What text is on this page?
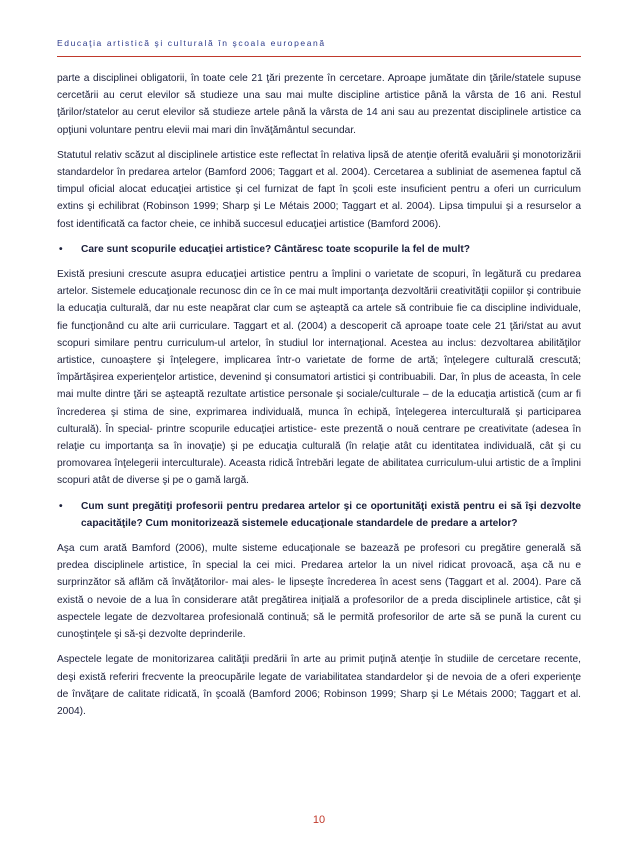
Educaţia artistică şi culturală în şcoala europeană

parte a disciplinei obligatorii, în toate cele 21 ţări prezente în cercetare. Aproape jumătate din ţările/statele supuse cercetării au cerut elevilor să studieze una sau mai multe discipline artistice până la vârsta de 16 ani. Restul ţărilor/statelor au cerut elevilor să studieze artele până la vârsta de 14 ani sau au prezentat disciplinele artistice ca opţiuni voluntare pentru elevii mai mari din învăţământul secundar.

Statutul relativ scăzut al disciplinele artistice este reflectat în relativa lipsă de atenţie oferită evaluării şi monotorizării standardelor în predarea artelor (Bamford 2006; Taggart et al. 2004). Cercetarea a subliniat de asemenea faptul că timpul oficial alocat educaţiei artistice şi cel furnizat de fapt în şcoli este insuficient pentru a oferi un curriculum extins şi echilibrat (Robinson 1999; Sharp şi Le Métais 2000; Taggart et al. 2004). Lipsa timpului şi a resurselor a fost identificată ca factor cheie, ce inhibă succesul educaţiei artistice (Bamford 2006).

•	Care sunt scopurile educaţiei artistice? Cântăresc toate scopurile la fel de mult?

Există presiuni crescute asupra educaţiei artistice pentru a împlini o varietate de scopuri, în legătură cu predarea artelor. Sistemele educaţionale recunosc din ce în ce mai mult importanţa dezvoltării creativităţii copiilor şi contribuie la educaţia culturală, dar nu este neapărat clar cum se aşteaptă ca artele să contribuie fie ca discipline individuale, fie funcţionând cu alte arii curriculare. Taggart et al. (2004) a descoperit că aproape toate cele 21 ţări/stat au avut scopuri similare pentru curriculum-ul artelor, în studiul lor internaţional. Acestea au inclus: dezvoltarea abilităţilor artistice, cunoaştere şi înţelegere, implicarea într-o varietate de forme de artă; înţelegere culturală crescută; împărtăşirea experienţelor artistice, devenind şi consumatori artistici şi contribuabili. Dar, în plus de aceasta, în cele mai multe dintre ţări se aşteaptă rezultate artistice personale şi sociale/culturale – de la educaţia artistică (cum ar fi încrederea şi stima de sine, exprimarea individuală, munca în echipă, înţelegerea interculturală şi participarea culturală). În special- printre scopurile educaţiei artistice- este prezentă o nouă centrare pe creativitate (adesea în relaţie cu importanţa sa în inovaţie) şi pe educaţia culturală (în relaţie atât cu identitatea individuală, cât şi cu promovarea înţelegerii interculturale). Aceasta ridică întrebări legate de abilitatea curriculum-ului artistic de a împlini scopuri atât de diverse şi pe o gamă largă.

•	Cum sunt pregătiţi profesorii pentru predarea artelor şi ce oportunităţi există pentru ei să îşi dezvolte capacităţile? Cum monitorizează sistemele educaţionale standardele de predare a artelor?

Aşa cum arată Bamford (2006), multe sisteme educaţionale se bazează pe profesori cu pregătire generală să predea disciplinele artistice, în special la cei mici. Predarea artelor la un nivel ridicat provoacă, aşa că nu e surprinzător să aflăm că învăţătorilor- mai ales- le lipseşte încrederea în acest sens (Taggart et al. 2004). Pare că există o nevoie de a lua în considerare atât pregătirea iniţială a profesorilor de a preda disciplinele artistice, cât şi aspectele legate de dezvoltarea profesională continuă; să le permită profesorilor de arte să se pună la curent cu cunoştinţele şi să-şi dezvolte deprinderile.

Aspectele legate de monitorizarea calităţii predării în arte au primit puţină atenţie în studiile de cercetare recente, deşi există referiri frecvente la preocupările legate de variabilitatea standardelor şi de nevoia de a oferi experienţe de învăţare de calitate ridicată, în şcoală (Bamford 2006; Robinson 1999; Sharp şi Le Métais 2000; Taggart et al. 2004).

10
